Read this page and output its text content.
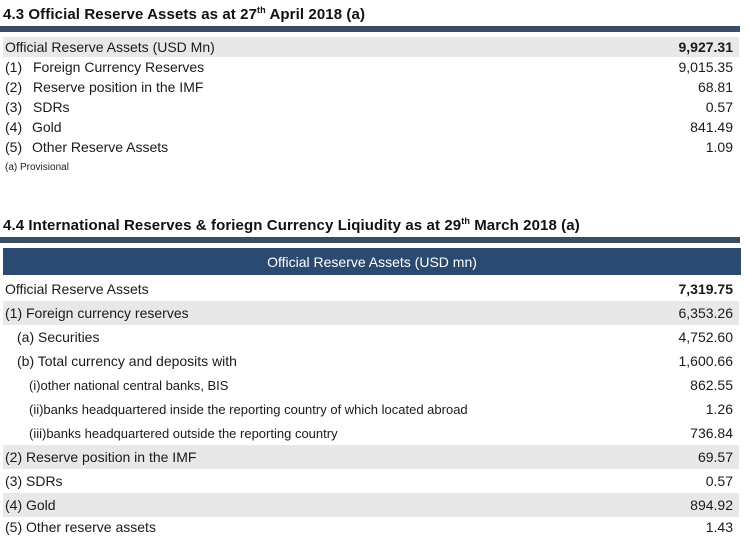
4.3 Official Reserve Assets as at 27th April 2018 (a)
Official Reserve Assets (USD Mn)	9,927.31
(1) Foreign Currency Reserves	9,015.35
(2) Reserve position in the IMF	68.81
(3) SDRs	0.57
(4) Gold	841.49
(5) Other Reserve Assets	1.09
(a) Provisional
4.4 International Reserves & foriegn Currency Liqiudity as at 29th March 2018 (a)
Official Reserve Assets (USD mn)
Official Reserve Assets	7,319.75
(1) Foreign currency reserves	6,353.26
(a) Securities	4,752.60
(b) Total currency and deposits with	1,600.66
(i)other national central banks, BIS	862.55
(ii)banks headquartered inside the reporting country of which located abroad	1.26
(iii)banks headquartered outside the reporting country	736.84
(2) Reserve position in the IMF	69.57
(3) SDRs	0.57
(4) Gold	894.92
(5) Other reserve assets	1.43
